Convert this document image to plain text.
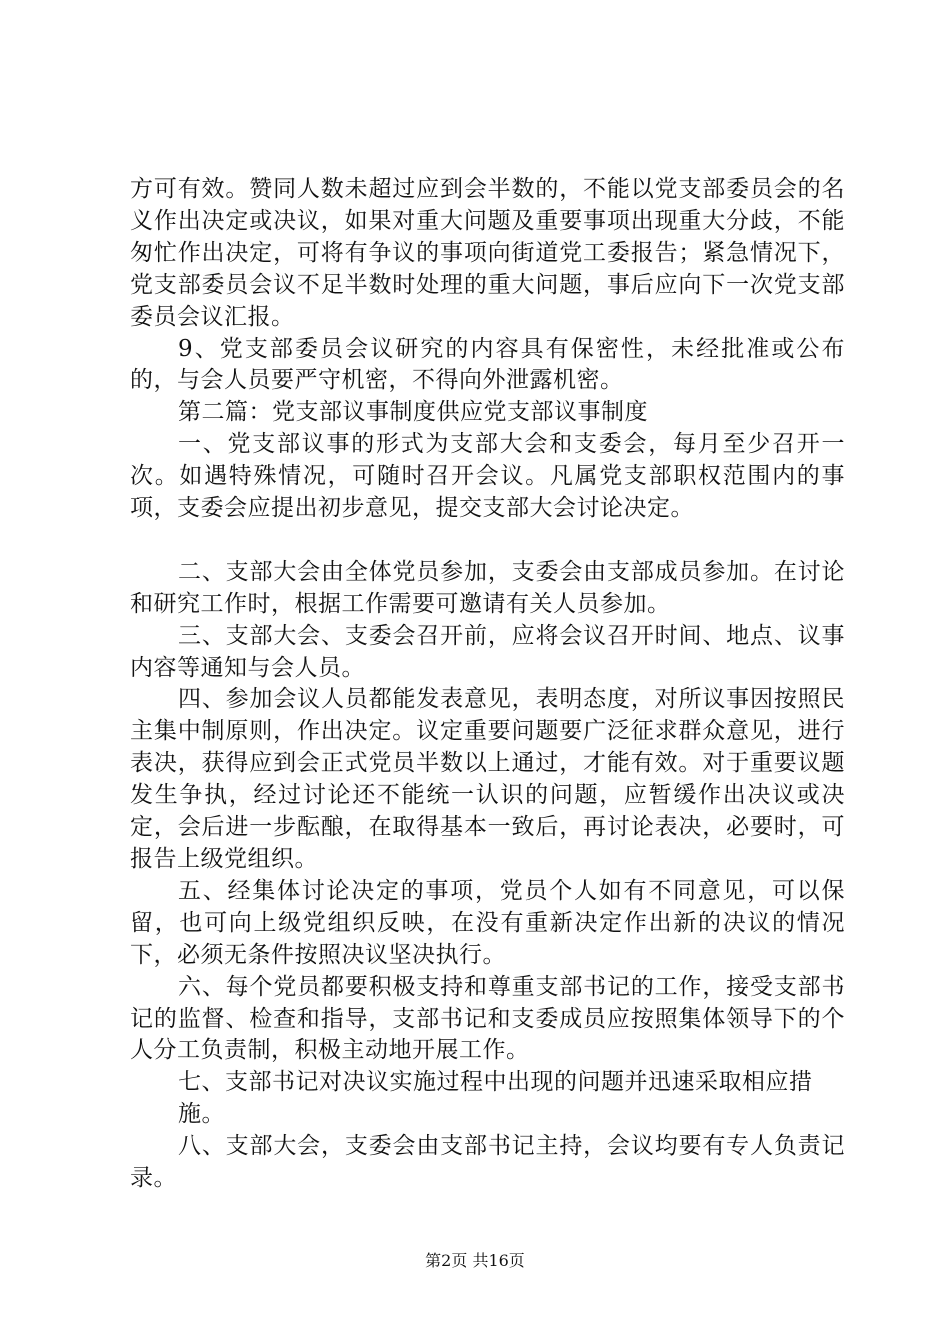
方可有效。赞同人数未超过应到会半数的，不能以党支部委员会的名义作出决定或决议，如果对重大问题及重要事项出现重大分歧，不能匆忙作出决定，可将有争议的事项向街道党工委报告；紧急情况下，党支部委员会议不足半数时处理的重大问题，事后应向下一次党支部委员会议汇报。

9、党支部委员会议研究的内容具有保密性，未经批准或公布的，与会人员要严守机密，不得向外泄露机密。

第二篇：党支部议事制度供应党支部议事制度

一、党支部议事的形式为支部大会和支委会，每月至少召开一次。如遇特殊情况，可随时召开会议。凡属党支部职权范围内的事项，支委会应提出初步意见，提交支部大会讨论决定。

二、支部大会由全体党员参加，支委会由支部成员参加。在讨论和研究工作时，根据工作需要可邀请有关人员参加。

三、支部大会、支委会召开前，应将会议召开时间、地点、议事内容等通知与会人员。

四、参加会议人员都能发表意见，表明态度，对所议事因按照民主集中制原则，作出决定。议定重要问题要广泛征求群众意见，进行表决，获得应到会正式党员半数以上通过，才能有效。对于重要议题发生争执，经过讨论还不能统一认识的问题，应暂缓作出决议或决定，会后进一步酝酿，在取得基本一致后，再讨论表决，必要时，可报告上级党组织。

五、经集体讨论决定的事项，党员个人如有不同意见，可以保留，也可向上级党组织反映，在没有重新决定作出新的决议的情况下，必须无条件按照决议坚决执行。

六、每个党员都要积极支持和尊重支部书记的工作，接受支部书记的监督、检查和指导，支部书记和支委成员应按照集体领导下的个人分工负责制，积极主动地开展工作。

七、支部书记对决议实施过程中出现的问题并迅速采取相应措

施。

八、支部大会，支委会由支部书记主持，会议均要有专人负责记录。

第2页 共16页
